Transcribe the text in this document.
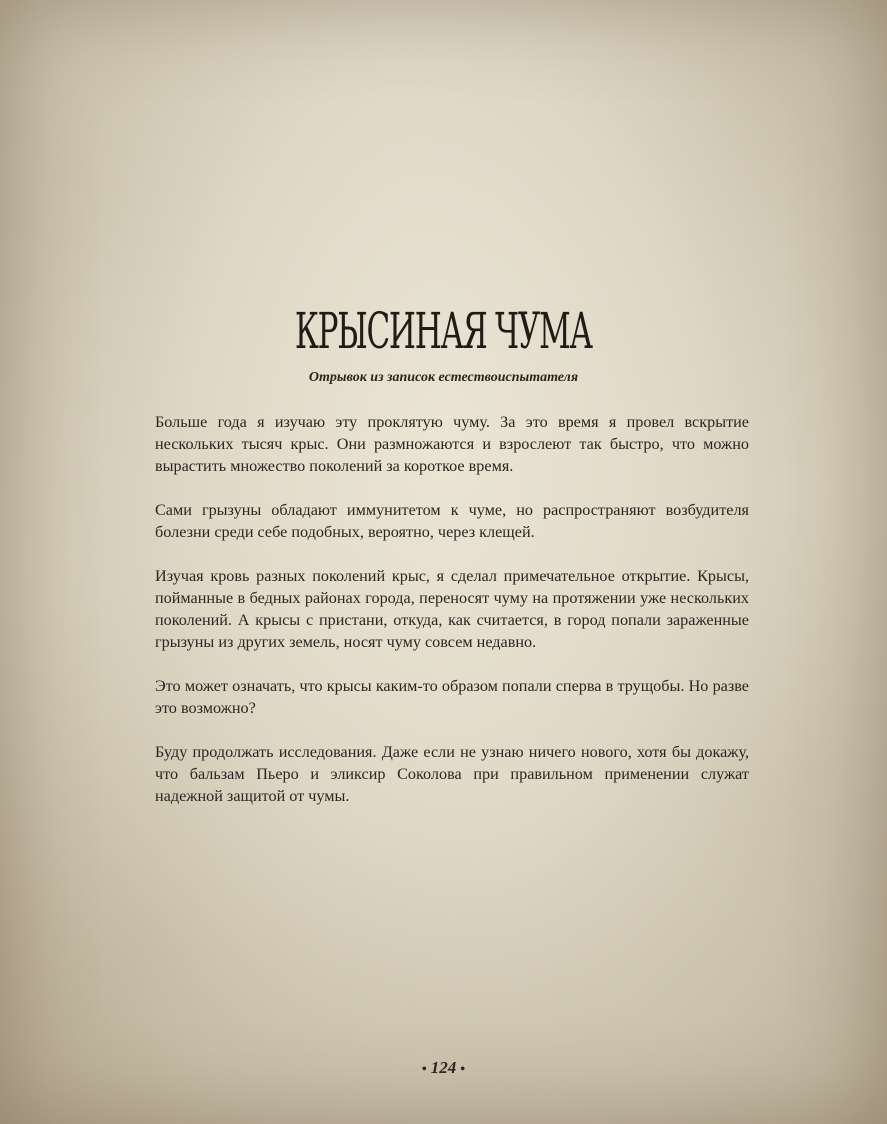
КРЫСИНАЯ ЧУМА
Отрывок из записок естествоиспытателя

Больше года я изучаю эту проклятую чуму. За это время я провел вскрытие нескольких тысяч крыс. Они размножаются и взрослеют так быстро, что можно вырастить множество поколений за короткое время.

Сами грызуны обладают иммунитетом к чуме, но распространяют возбудителя болезни среди себе подобных, вероятно, через клещей.

Изучая кровь разных поколений крыс, я сделал примечательное открытие. Крысы, пойманные в бедных районах города, переносят чуму на протяжении уже нескольких поколений. А крысы с пристани, откуда, как считается, в город попали зараженные грызуны из других земель, носят чуму совсем недавно.

Это может означать, что крысы каким-то образом попали сперва в трущобы. Но разве это возможно?

Буду продолжать исследования. Даже если не узнаю ничего нового, хотя бы докажу, что бальзам Пьеро и эликсир Соколова при правильном применении служат надежной защитой от чумы.

• 124 •
